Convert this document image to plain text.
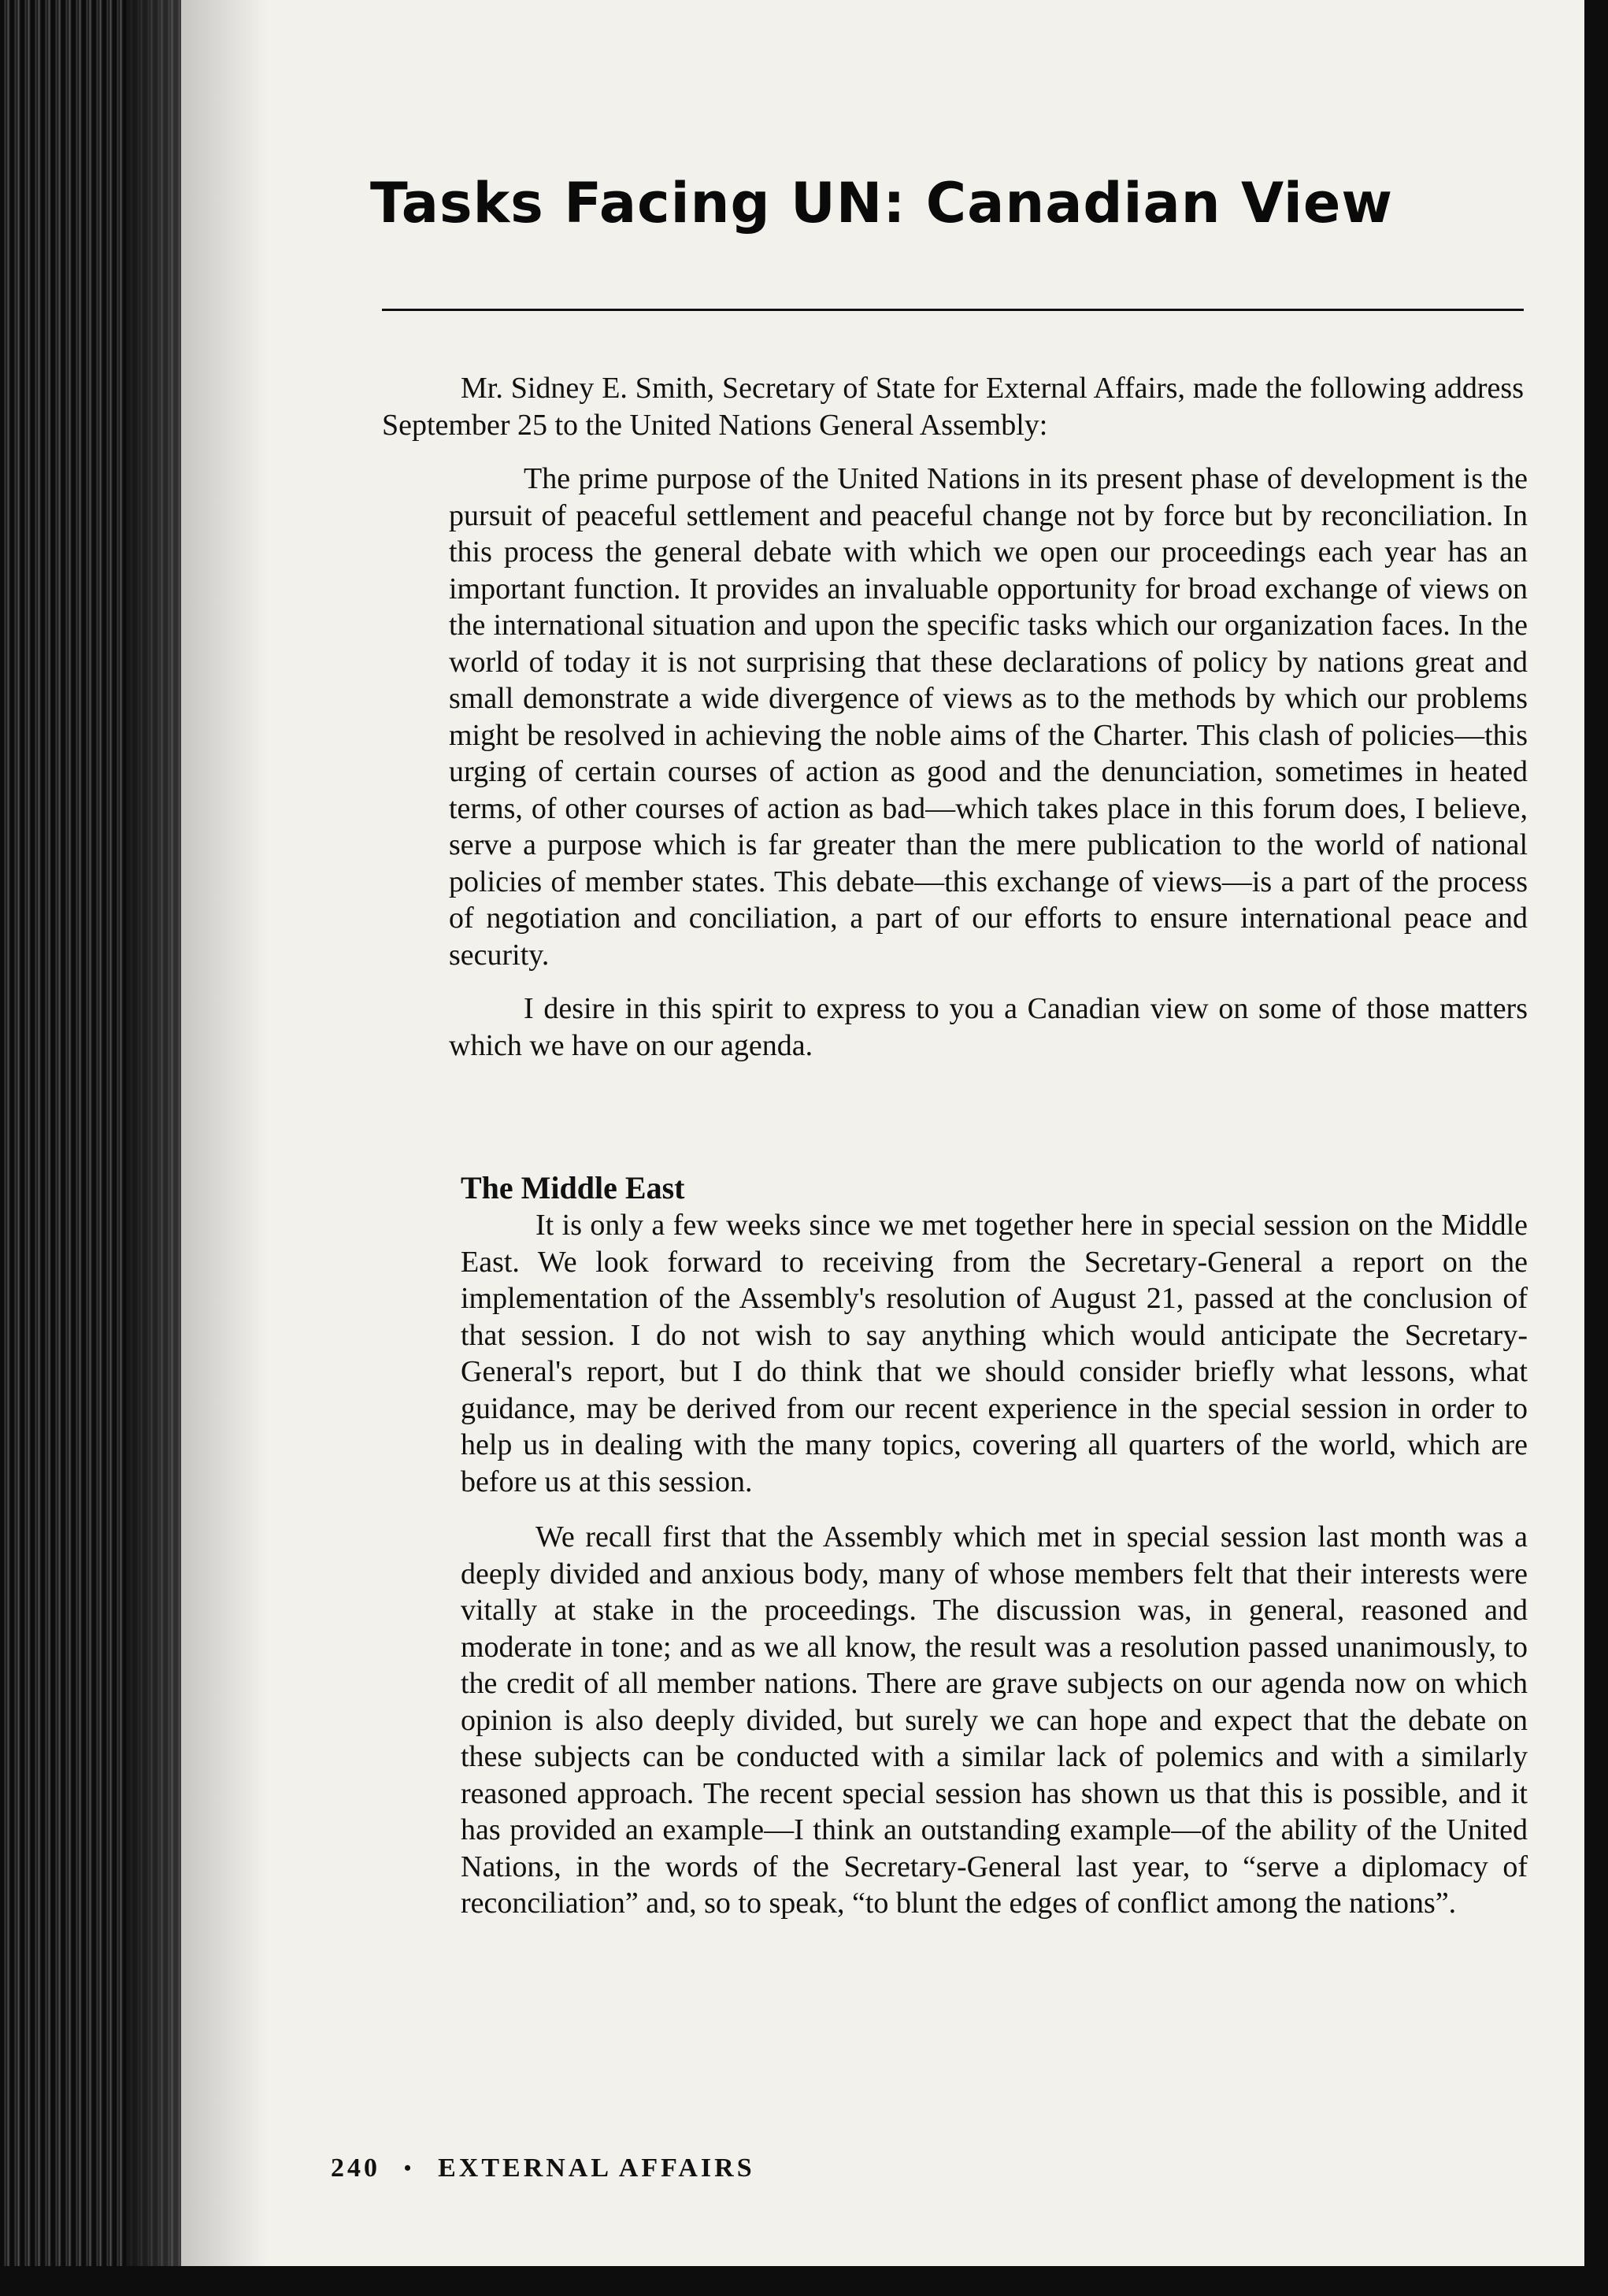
Tasks Facing UN: Canadian View

Mr. Sidney E. Smith, Secretary of State for External Affairs, made the following address September 25 to the United Nations General Assembly:

The prime purpose of the United Nations in its present phase of development is the pursuit of peaceful settlement and peaceful change not by force but by reconciliation. In this process the general debate with which we open our proceedings each year has an important function. It provides an invaluable opportunity for broad exchange of views on the international situation and upon the specific tasks which our organization faces. In the world of today it is not surprising that these declarations of policy by nations great and small demonstrate a wide divergence of views as to the methods by which our problems might be resolved in achieving the noble aims of the Charter. This clash of policies—this urging of certain courses of action as good and the denunciation, sometimes in heated terms, of other courses of action as bad—which takes place in this forum does, I believe, serve a purpose which is far greater than the mere publication to the world of national policies of member states. This debate—this exchange of views—is a part of the process of negotiation and conciliation, a part of our efforts to ensure international peace and security.

I desire in this spirit to express to you a Canadian view on some of those matters which we have on our agenda.

The Middle East

It is only a few weeks since we met together here in special session on the Middle East. We look forward to receiving from the Secretary-General a report on the implementation of the Assembly's resolution of August 21, passed at the conclusion of that session. I do not wish to say anything which would anticipate the Secretary-General's report, but I do think that we should consider briefly what lessons, what guidance, may be derived from our recent experience in the special session in order to help us in dealing with the many topics, covering all quarters of the world, which are before us at this session.

We recall first that the Assembly which met in special session last month was a deeply divided and anxious body, many of whose members felt that their interests were vitally at stake in the proceedings. The discussion was, in general, reasoned and moderate in tone; and as we all know, the result was a resolution passed unanimously, to the credit of all member nations. There are grave subjects on our agenda now on which opinion is also deeply divided, but surely we can hope and expect that the debate on these subjects can be conducted with a similar lack of polemics and with a similarly reasoned approach. The recent special session has shown us that this is possible, and it has provided an example—I think an outstanding example—of the ability of the United Nations, in the words of the Secretary-General last year, to “serve a diplomacy of reconciliation” and, so to speak, “to blunt the edges of conflict among the nations”.

240 • EXTERNAL AFFAIRS
